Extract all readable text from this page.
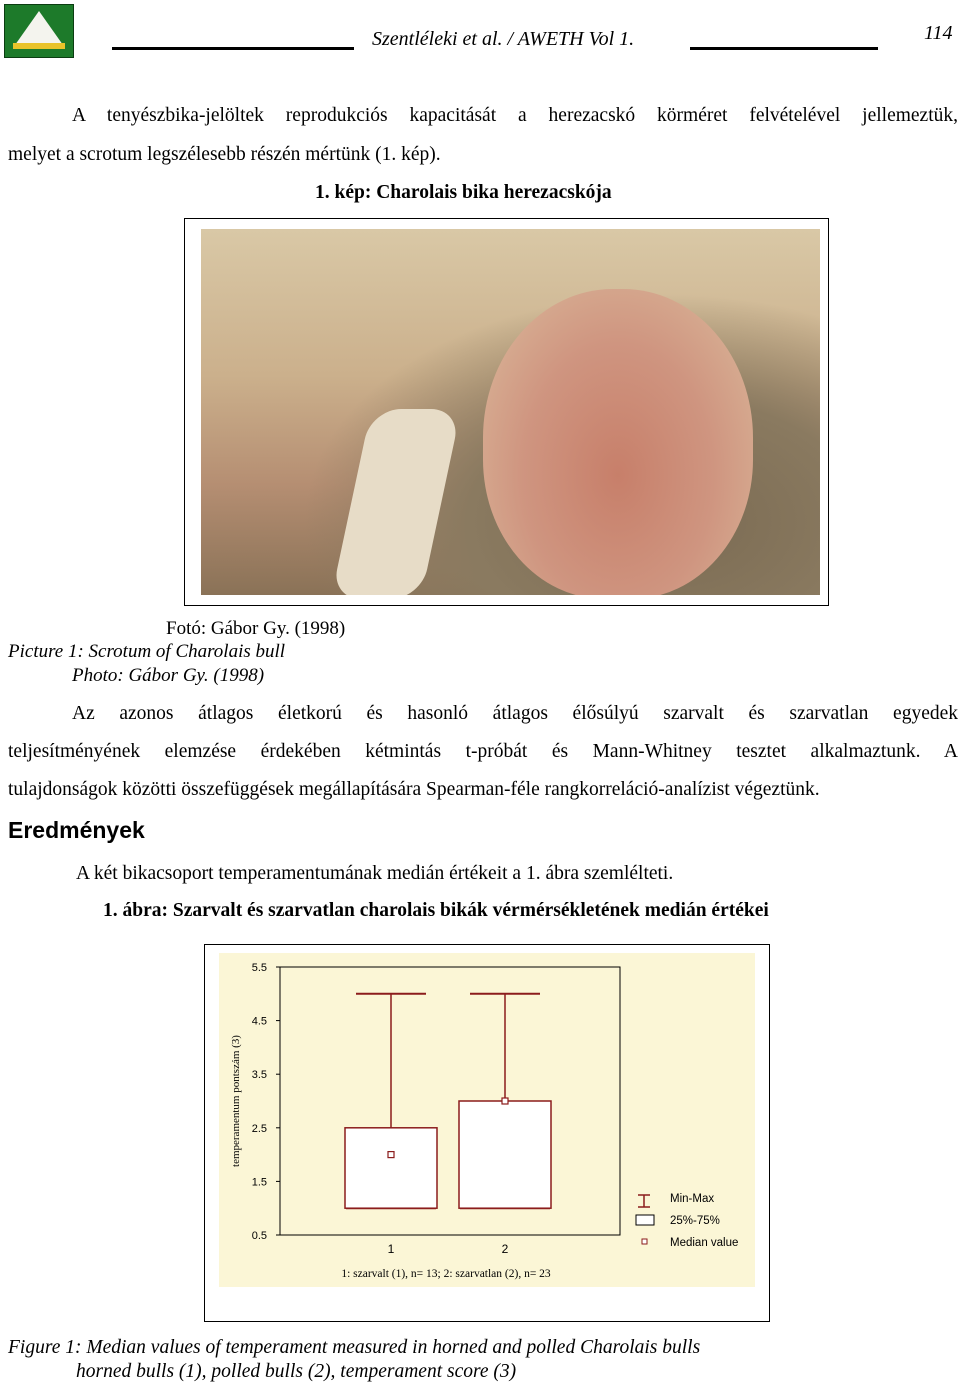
Szentléleki et al. / AWETH Vol 1.	114
A tenyészbika-jelöltek reprodukciós kapacitását a herezacskó körméret felvételével jellemeztük,
melyet a scrotum legszélesebb részén mértünk (1. kép).
1. kép: Charolais bika herezacskója
Fotó: Gábor Gy. (1998)
Picture 1: Scrotum of Charolais bull
Photo: Gábor Gy. (1998)
Az azonos átlagos életkorú és hasonló átlagos élősúlyú szarvalt és szarvatlan egyedek
teljesítményének elemzése érdekében kétmintás t-próbát és Mann-Whitney tesztet alkalmaztunk. A
tulajdonságok közötti összefüggések megállapítására Spearman-féle rangkorreláció-analízist végeztünk.
Eredmények
A két bikacsoport temperamentumának medián értékeit a 1. ábra szemlélteti.
1. ábra: Szarvalt és szarvatlan charolais bikák vérmérsékletének medián értékei
5.5
4.5
3.5
2.5
1.5
0.5
temperamentum pontszám (3)
1	2
1: szarvalt (1), n= 13; 2: szarvatlan (2), n= 23
Min-Max
25%-75%
Median value
Figure 1: Median values of temperament measured in horned and polled Charolais bulls
horned bulls (1), polled bulls (2), temperament score (3)
